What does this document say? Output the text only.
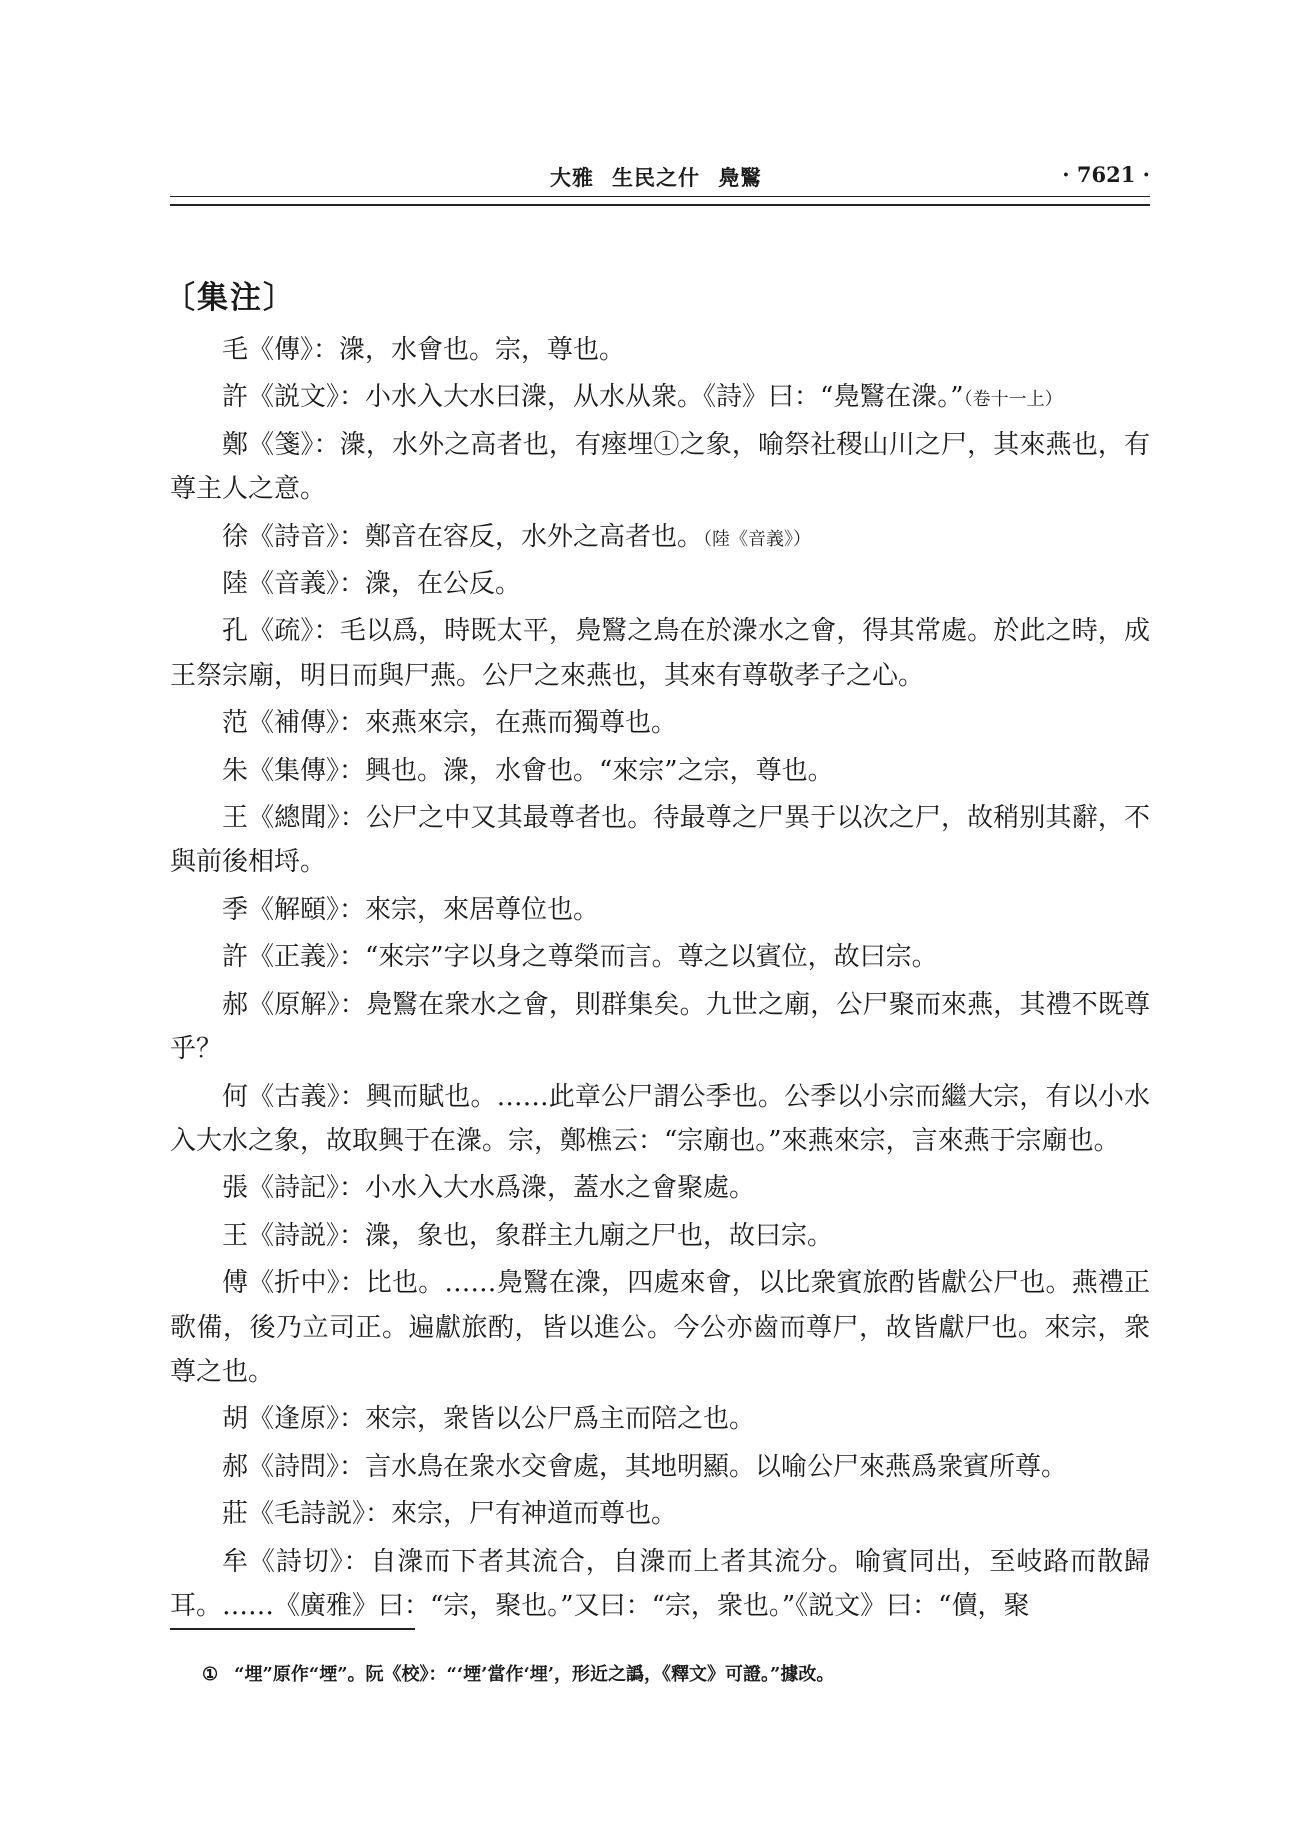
大雅 生民之什 鳧鷖	· 7621 ·
〔集注〕

毛《傳》：潨，水會也。宗，尊也。

許《説文》：小水入大水曰潨，从水从衆。《詩》曰：“鳧鷖在潨。”（卷十一上）

鄭《箋》：潨，水外之高者也，有瘞埋①之象，喻祭社稷山川之尸，其來燕也，有尊主人之意。

徐《詩音》：鄭音在容反，水外之高者也。（陸《音義》）

陸《音義》：潨，在公反。

孔《疏》：毛以爲，時既太平，鳧鷖之鳥在於潨水之會，得其常處。於此之時，成王祭宗廟，明日而與尸燕。公尸之來燕也，其來有尊敬孝子之心。

范《補傳》：來燕來宗，在燕而獨尊也。

朱《集傳》：興也。潨，水會也。“來宗”之宗，尊也。

王《總聞》：公尸之中又其最尊者也。待最尊之尸異于以次之尸，故稍别其辭，不與前後相埒。

季《解頤》：來宗，來居尊位也。

許《正義》：“來宗”字以身之尊榮而言。尊之以賓位，故曰宗。

郝《原解》：鳧鷖在衆水之會，則群集矣。九世之廟，公尸聚而來燕，其禮不既尊乎？

何《古義》：興而賦也。……此章公尸謂公季也。公季以小宗而繼大宗，有以小水入大水之象，故取興于在潨。宗，鄭樵云：“宗廟也。”來燕來宗，言來燕于宗廟也。

張《詩記》：小水入大水爲潨，蓋水之會聚處。

王《詩説》：潨，象也，象群主九廟之尸也，故曰宗。

傅《折中》：比也。……鳧鷖在潨，四處來會，以比衆賓旅酌皆獻公尸也。燕禮正歌備，後乃立司正。遍獻旅酌，皆以進公。今公亦齒而尊尸，故皆獻尸也。來宗，衆尊之也。

胡《逢原》：來宗，衆皆以公尸爲主而陪之也。

郝《詩問》：言水鳥在衆水交會處，其地明顯。以喻公尸來燕爲衆賓所尊。

莊《毛詩説》：來宗，尸有神道而尊也。

牟《詩切》：自潨而下者其流合，自潨而上者其流分。喻賓同出，至岐路而散歸耳。……《廣雅》曰：“宗，聚也。”又曰：“宗，衆也。”《説文》曰：“儥，聚

① “埋”原作“堙”。阮《校》：“‘堙’當作‘埋’，形近之譌，《釋文》可證。”據改。
